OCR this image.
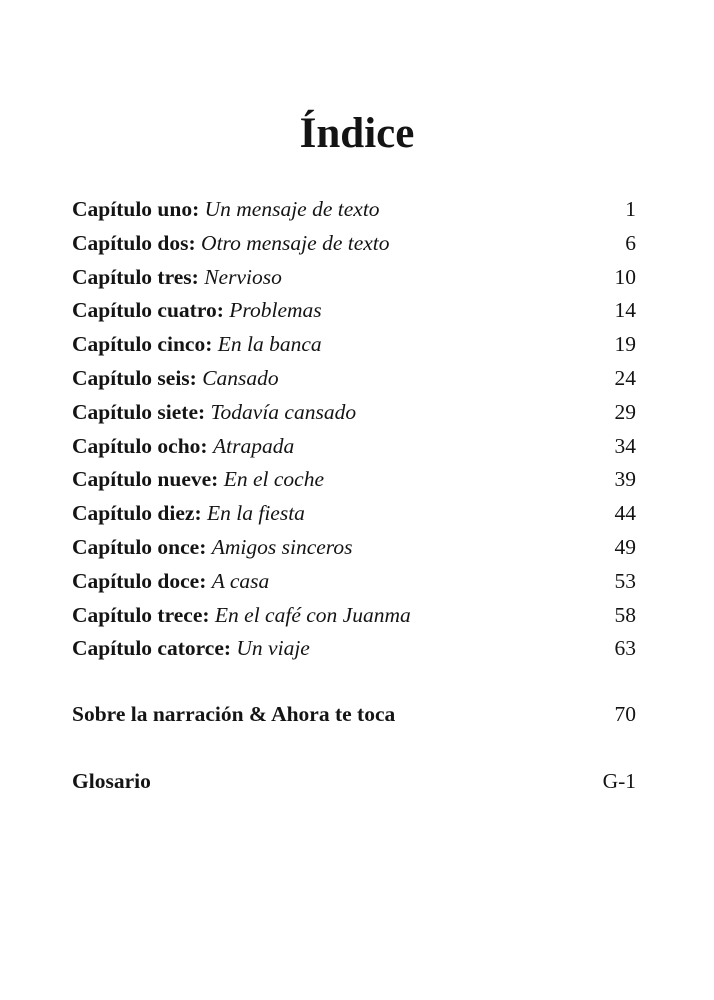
Índice
Capítulo uno: Un mensaje de texto	1
Capítulo dos: Otro mensaje de texto	6
Capítulo tres: Nervioso	10
Capítulo cuatro: Problemas	14
Capítulo cinco: En la banca	19
Capítulo seis: Cansado	24
Capítulo siete: Todavía cansado	29
Capítulo ocho: Atrapada	34
Capítulo nueve: En el coche	39
Capítulo diez: En la fiesta	44
Capítulo once: Amigos sinceros	49
Capítulo doce: A casa	53
Capítulo trece: En el café con Juanma	58
Capítulo catorce: Un viaje	63
Sobre la narración & Ahora te toca	70
Glosario	G-1
